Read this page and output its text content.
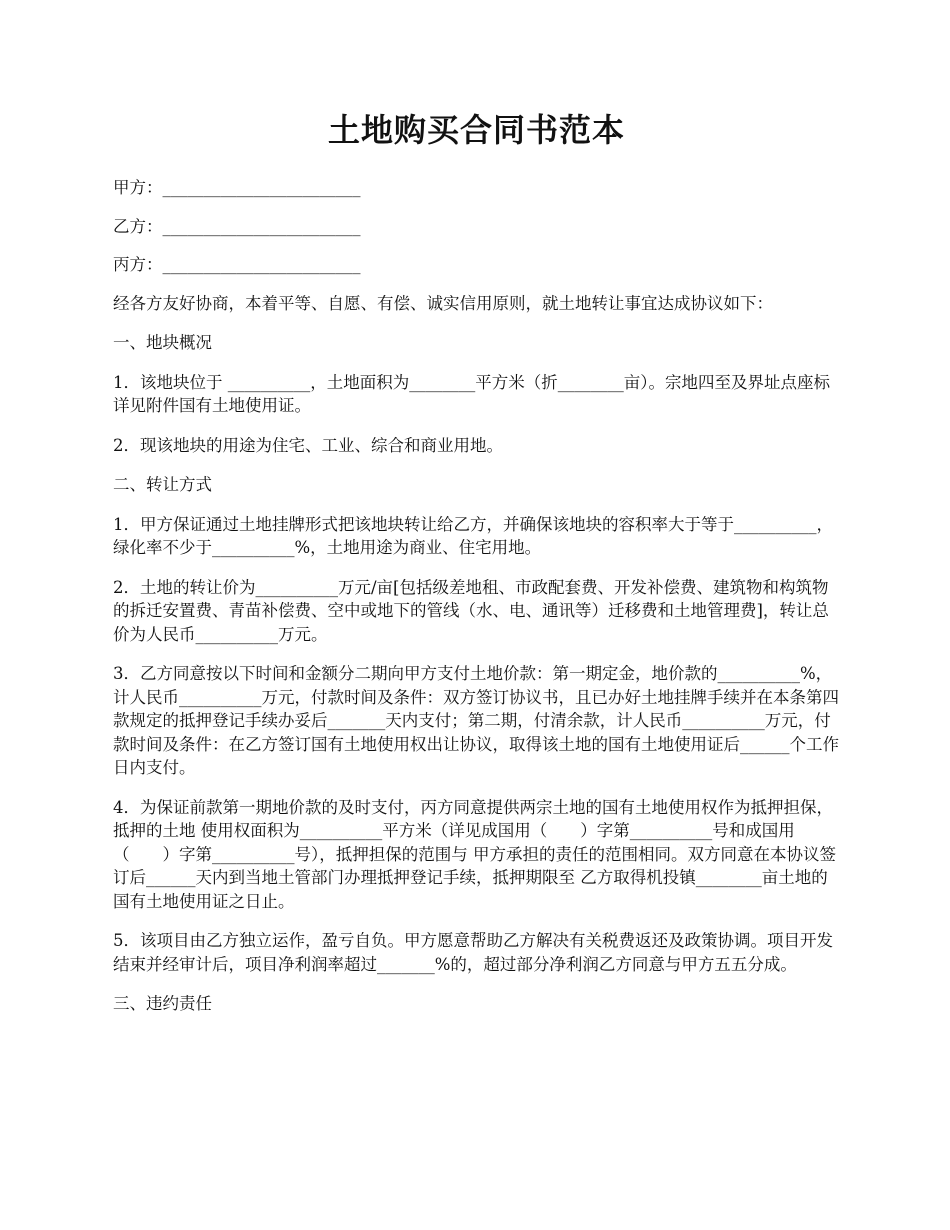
土地购买合同书范本

甲方：________________________

乙方：________________________

丙方：________________________

经各方友好协商，本着平等、自愿、有偿、诚实信用原则，就土地转让事宜达成协议如下：

一、地块概况

1．该地块位于 __________，土地面积为________平方米（折________亩）。宗地四至及界址点座标详见附件国有土地使用证。

2．现该地块的用途为住宅、工业、综合和商业用地。

二、转让方式

1．甲方保证通过土地挂牌形式把该地块转让给乙方，并确保该地块的容积率大于等于__________，绿化率不少于__________%，土地用途为商业、住宅用地。

2．土地的转让价为__________万元/亩[包括级差地租、市政配套费、开发补偿费、建筑物和构筑物的拆迁安置费、青苗补偿费、空中或地下的管线（水、电、通讯等）迁移费和土地管理费]，转让总价为人民币__________万元。

3．乙方同意按以下时间和金额分二期向甲方支付土地价款：第一期定金，地价款的__________%，计人民币__________万元，付款时间及条件：双方签订协议书，且已办好土地挂牌手续并在本条第四款规定的抵押登记手续办妥后_______天内支付；第二期，付清余款，计人民币__________万元，付款时间及条件：在乙方签订国有土地使用权出让协议，取得该土地的国有土地使用证后______个工作日内支付。

4．为保证前款第一期地价款的及时支付，丙方同意提供两宗土地的国有土地使用权作为抵押担保，抵押的土地 使用权面积为__________平方米（详见成国用（　　）字第__________号和成国用（　　）字第__________号），抵押担保的范围与 甲方承担的责任的范围相同。双方同意在本协议签订后______天内到当地土管部门办理抵押登记手续，抵押期限至 乙方取得机投镇________亩土地的国有土地使用证之日止。

5．该项目由乙方独立运作，盈亏自负。甲方愿意帮助乙方解决有关税费返还及政策协调。项目开发结束并经审计后，项目净利润率超过_______%的，超过部分净利润乙方同意与甲方五五分成。

三、违约责任
